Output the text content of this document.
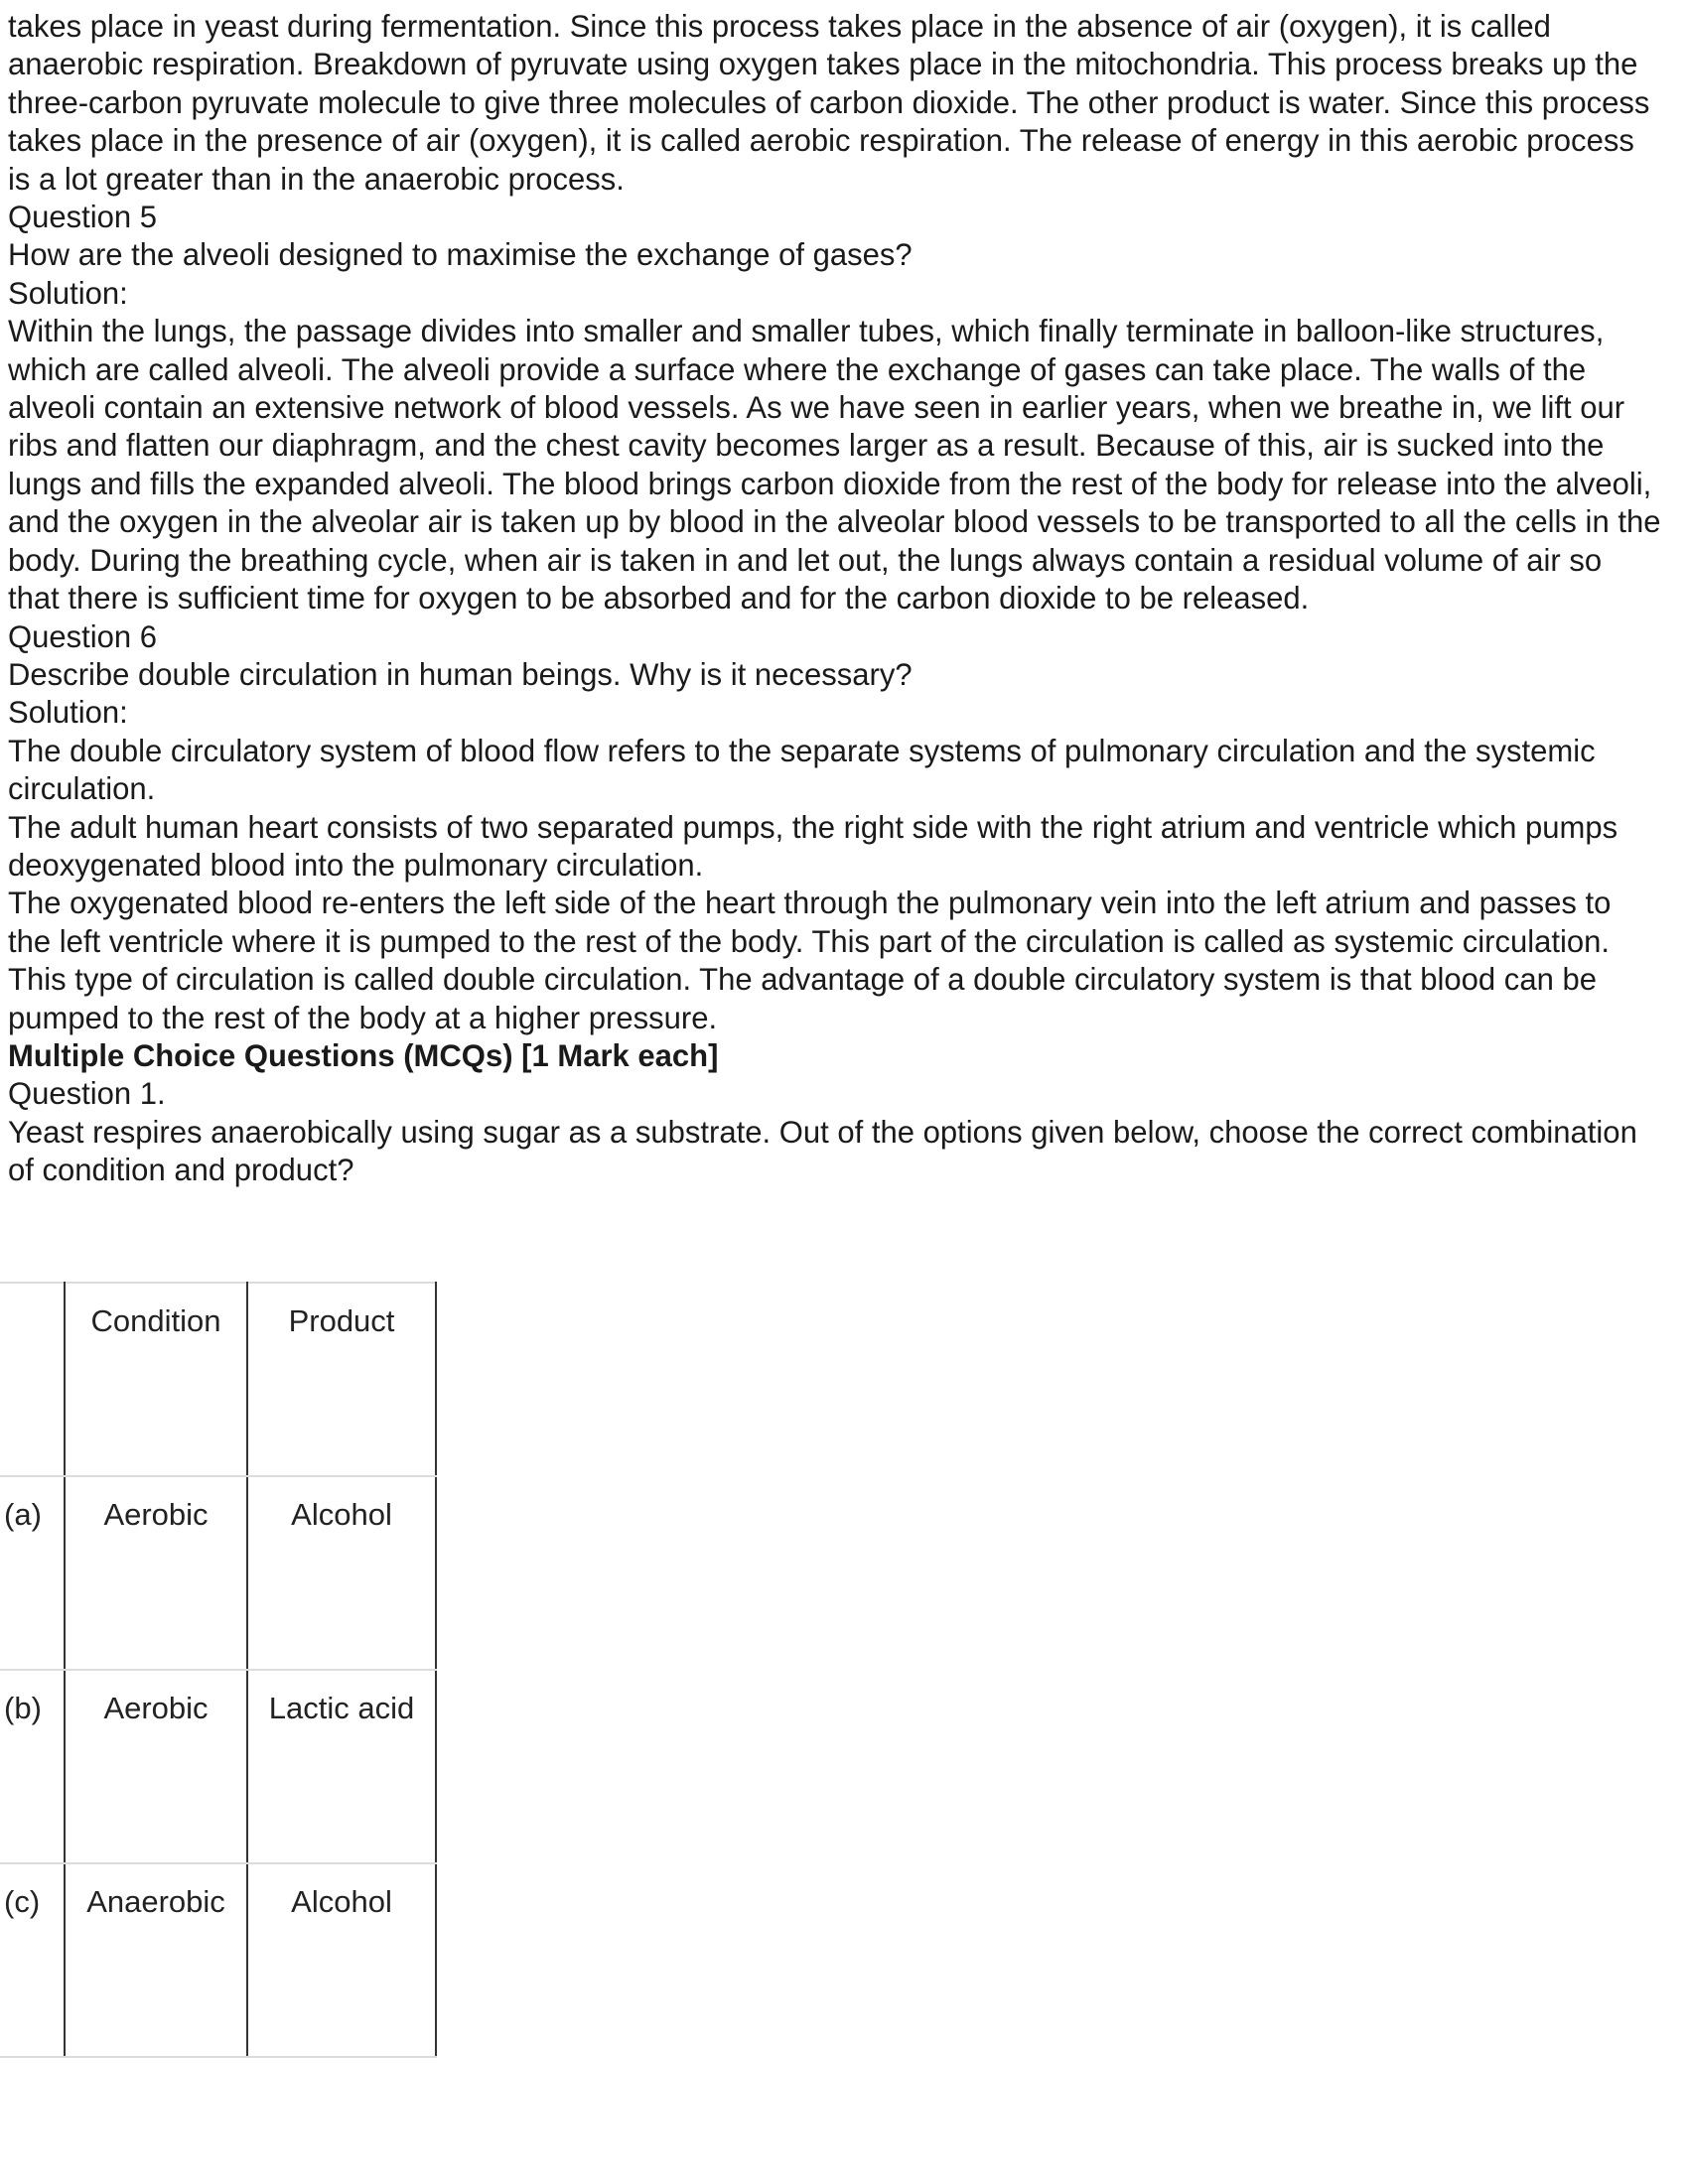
takes place in yeast during fermentation. Since this process takes place in the absence of air (oxygen), it is called anaerobic respiration. Breakdown of pyruvate using oxygen takes place in the mitochondria. This process breaks up the three-carbon pyruvate molecule to give three molecules of carbon dioxide. The other product is water. Since this process takes place in the presence of air (oxygen), it is called aerobic respiration. The release of energy in this aerobic process is a lot greater than in the anaerobic process.

Question 5

How are the alveoli designed to maximise the exchange of gases?

Solution:

Within the lungs, the passage divides into smaller and smaller tubes, which finally terminate in balloon-like structures, which are called alveoli. The alveoli provide a surface where the exchange of gases can take place. The walls of the alveoli contain an extensive network of blood vessels. As we have seen in earlier years, when we breathe in, we lift our ribs and flatten our diaphragm, and the chest cavity becomes larger as a result. Because of this, air is sucked into the lungs and fills the expanded alveoli. The blood brings carbon dioxide from the rest of the body for release into the alveoli, and the oxygen in the alveolar air is taken up by blood in the alveolar blood vessels to be transported to all the cells in the body. During the breathing cycle, when air is taken in and let out, the lungs always contain a residual volume of air so that there is sufficient time for oxygen to be absorbed and for the carbon dioxide to be released.

Question 6

Describe double circulation in human beings. Why is it necessary?

Solution:

The double circulatory system of blood flow refers to the separate systems of pulmonary circulation and the systemic circulation.

The adult human heart consists of two separated pumps, the right side with the right atrium and ventricle which pumps deoxygenated blood into the pulmonary circulation.

The oxygenated blood re-enters the left side of the heart through the pulmonary vein into the left atrium and passes to the left ventricle where it is pumped to the rest of the body. This part of the circulation is called as systemic circulation. This type of circulation is called double circulation. The advantage of a double circulatory system is that blood can be pumped to the rest of the body at a higher pressure.

Multiple Choice Questions (MCQs) [1 Mark each]

Question 1.

Yeast respires anaerobically using sugar as a substrate. Out of the options given below, choose the correct combination of condition and product?

	Condition	Product
(a)	Aerobic	Alcohol
(b)	Aerobic	Lactic acid
(c)	Anaerobic	Alcohol
